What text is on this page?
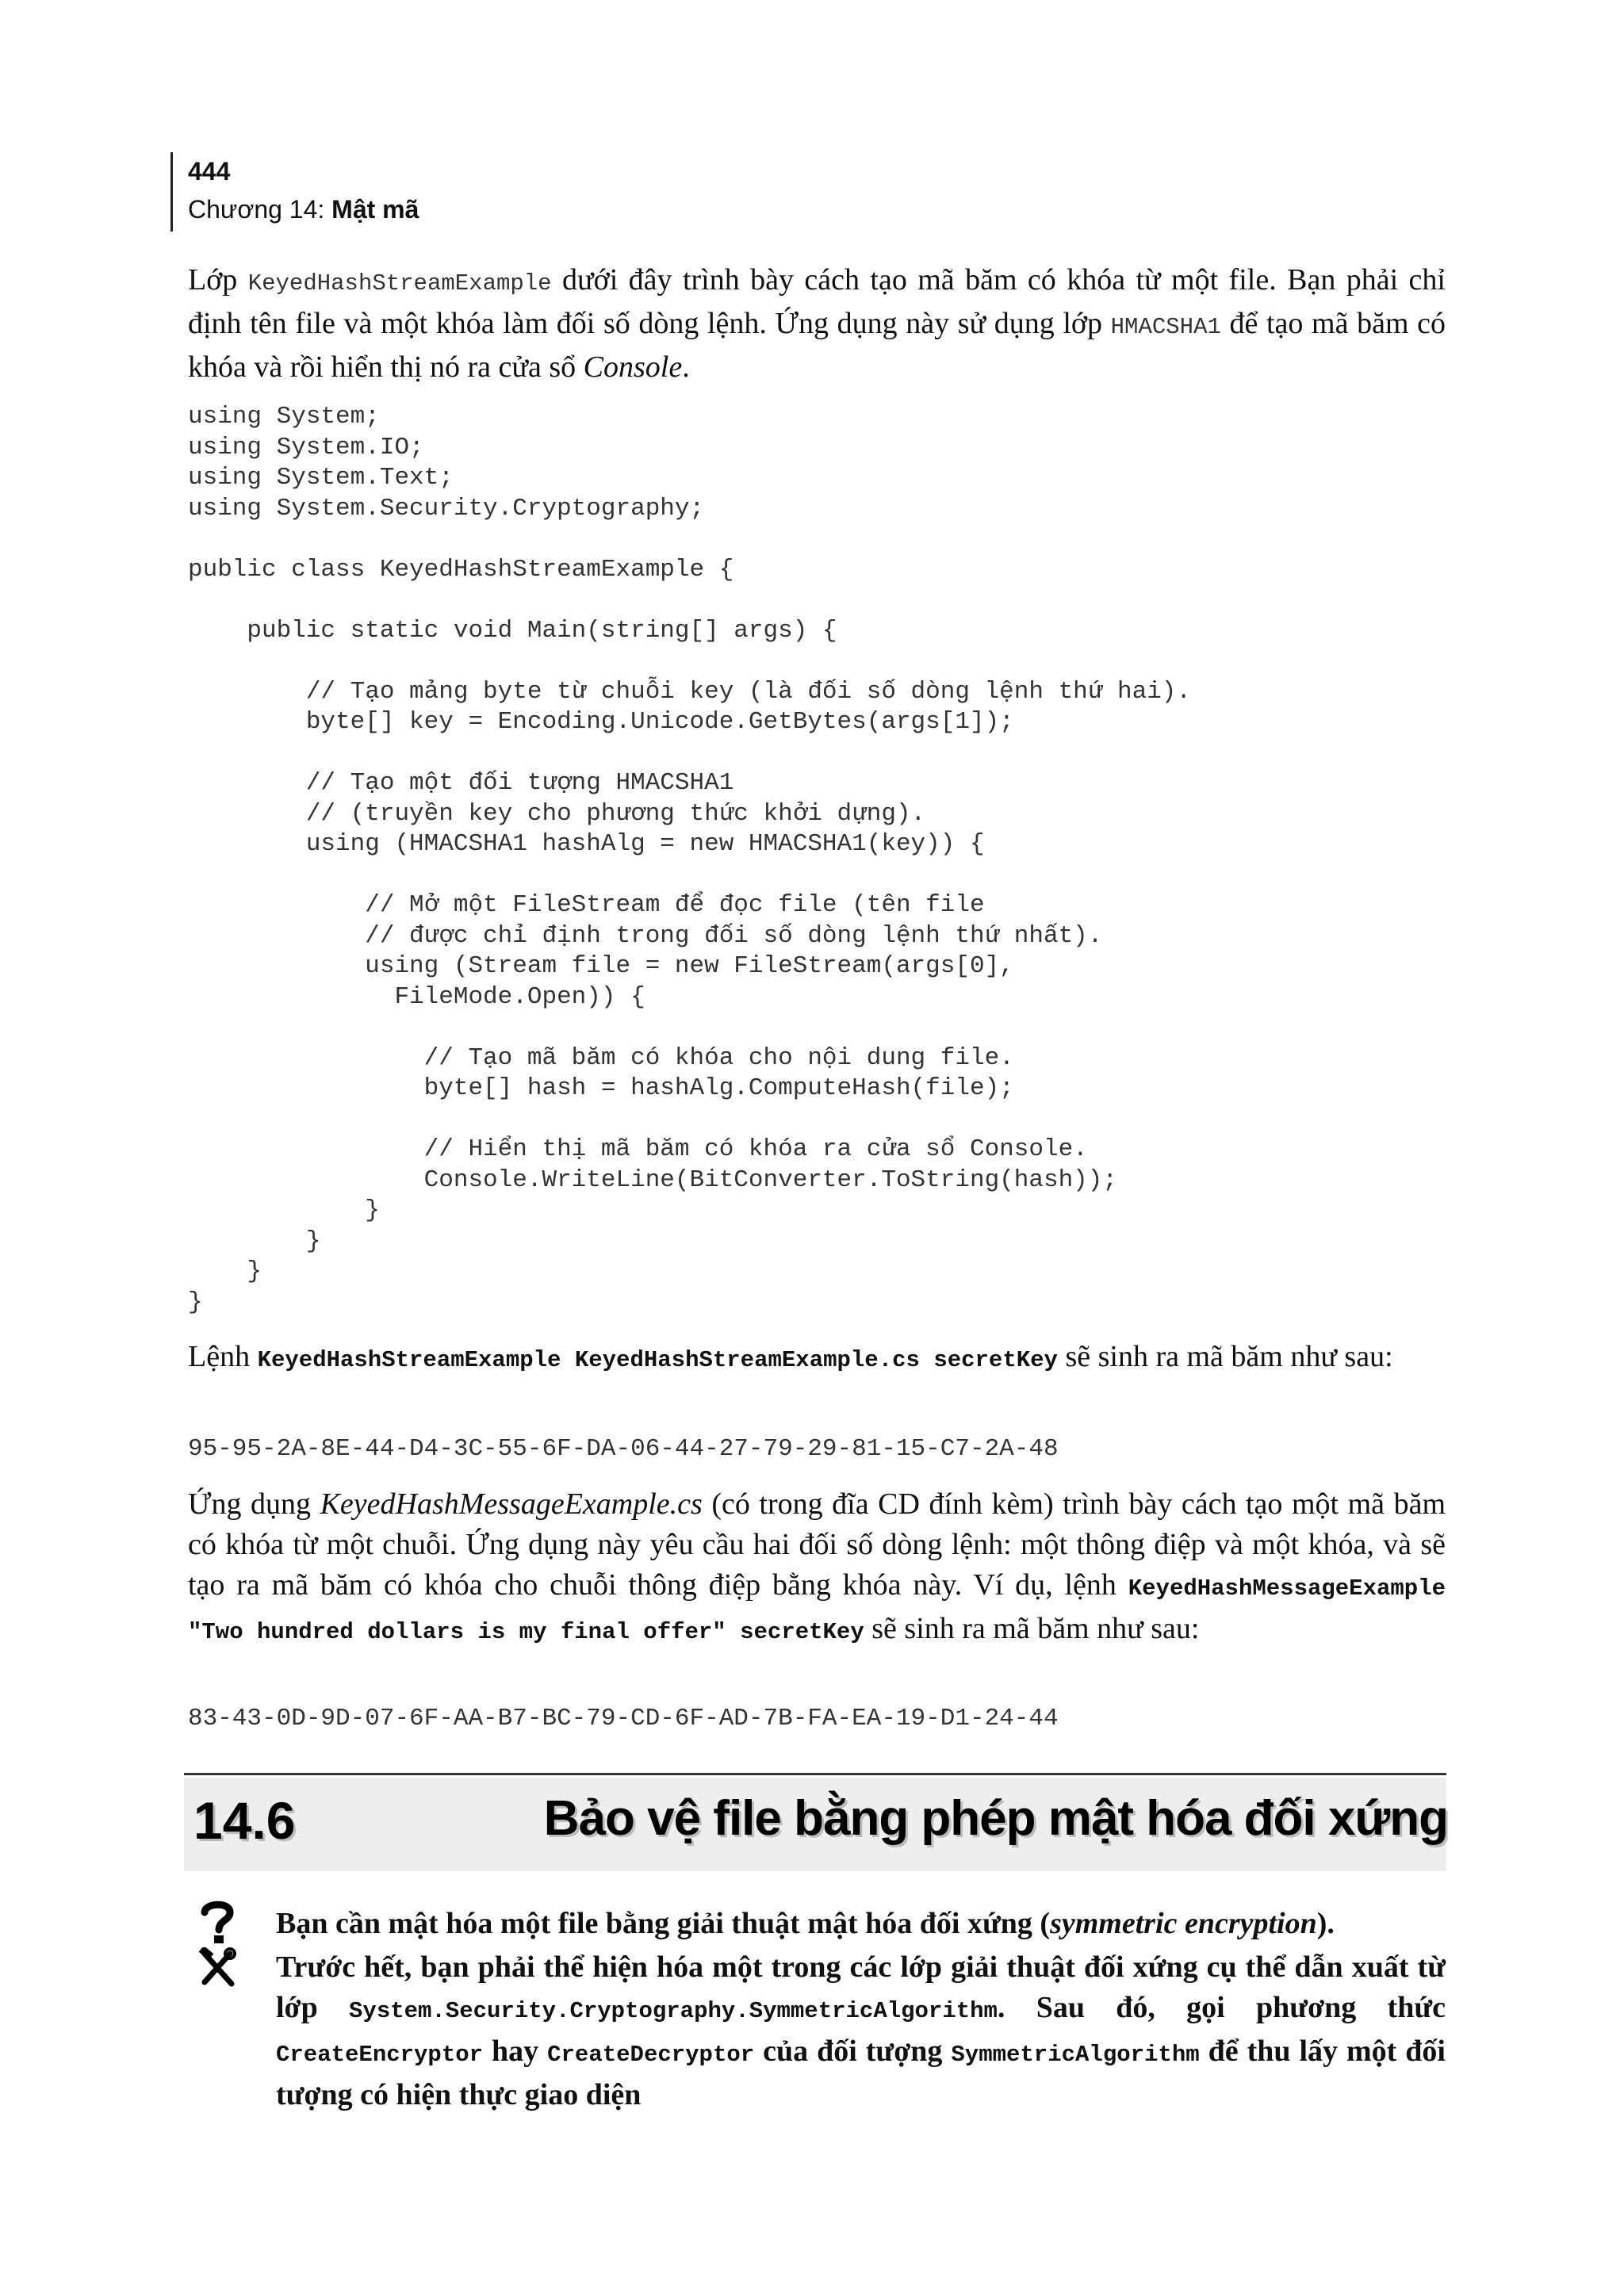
444
Chương 14: Mật mã
Lớp KeyedHashStreamExample dưới đây trình bày cách tạo mã băm có khóa từ một file. Bạn phải chỉ định tên file và một khóa làm đối số dòng lệnh. Ứng dụng này sử dụng lớp HMACSHA1 để tạo mã băm có khóa và rồi hiển thị nó ra cửa sổ Console.
using System;
using System.IO;
using System.Text;
using System.Security.Cryptography;

public class KeyedHashStreamExample {

public static void Main(string[] args) {

// Tạo mảng byte từ chuỗi key (là đối số dòng lệnh thứ hai).
byte[] key = Encoding.Unicode.GetBytes(args[1]);

// Tạo một đối tượng HMACSHA1
// (truyền key cho phương thức khởi dựng).
using (HMACSHA1 hashAlg = new HMACSHA1(key)) {

// Mở một FileStream để đọc file (tên file
// được chỉ định trong đối số dòng lệnh thứ nhất).
using (Stream file = new FileStream(args[0],
FileMode.Open)) {

// Tạo mã băm có khóa cho nội dung file.
byte[] hash = hashAlg.ComputeHash(file);

// Hiển thị mã băm có khóa ra cửa sổ Console.
Console.WriteLine(BitConverter.ToString(hash));
}
}
}
}
Lệnh KeyedHashStreamExample KeyedHashStreamExample.cs secretKey sẽ sinh ra mã băm như sau:
95-95-2A-8E-44-D4-3C-55-6F-DA-06-44-27-79-29-81-15-C7-2A-48
Ứng dụng KeyedHashMessageExample.cs (có trong đĩa CD đính kèm) trình bày cách tạo một mã băm có khóa từ một chuỗi. Ứng dụng này yêu cầu hai đối số dòng lệnh: một thông điệp và một khóa, và sẽ tạo ra mã băm có khóa cho chuỗi thông điệp bằng khóa này. Ví dụ, lệnh KeyedHashMessageExample "Two hundred dollars is my final offer" secretKey sẽ sinh ra mã băm như sau:
83-43-0D-9D-07-6F-AA-B7-BC-79-CD-6F-AD-7B-FA-EA-19-D1-24-44
14.6	Bảo vệ file bằng phép mật hóa đối xứng
Bạn cần mật hóa một file bằng giải thuật mật hóa đối xứng (symmetric encryption).
Trước hết, bạn phải thể hiện hóa một trong các lớp giải thuật đối xứng cụ thể dẫn xuất từ lớp System.Security.Cryptography.SymmetricAlgorithm. Sau đó, gọi phương thức CreateEncryptor hay CreateDecryptor của đối tượng SymmetricAlgorithm để thu lấy một đối tượng có hiện thực giao diện
